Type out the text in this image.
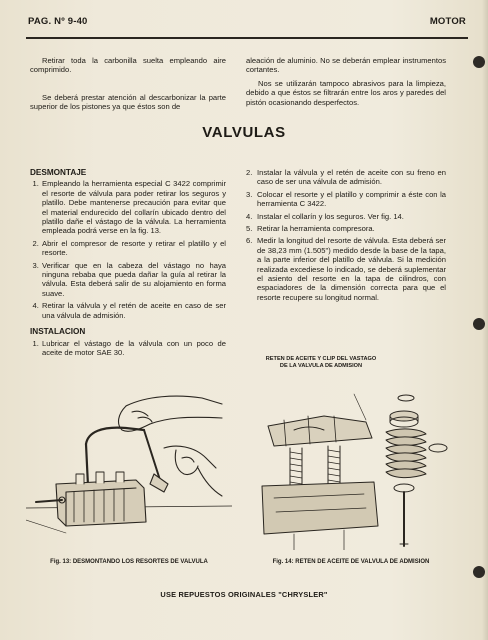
PAG. Nº 9-40	MOTOR

Retirar toda la carbonilla suelta empleando aire comprimido.

Se deberá prestar atención al descarbonizar la parte superior de los pistones ya que éstos son de

aleación de aluminio. No se deberán emplear instrumentos cortantes.

Nos se utilizarán tampoco abrasivos para la limpieza, debido a que éstos se filtrarán entre los aros y paredes del pistón ocasionando desperfectos.

VALVULAS
DESMONTAJE
1. Empleando la herramienta especial C 3422 comprimir el resorte de válvula para poder retirar los seguros y platillo. Debe mantenerse precaución para evitar que el material endurecido del collarín ubicado dentro del platillo dañe el vástago de la válvula. La herramienta empleada podrá verse en la fig. 13.
2. Abrir el compresor de resorte y retirar el platillo y el resorte.
3. Verificar que en la cabeza del vástago no haya ninguna rebaba que pueda dañar la guía al retirar la válvula. Esta deberá salir de su alojamiento en forma suave.
4. Retirar la válvula y el retén de aceite en caso de ser una válvula de admisión.
INSTALACION
1. Lubricar el vástago de la válvula con un poco de aceite de motor SAE 30.
2. Instalar la válvula y el retén de aceite con su freno en caso de ser una válvula de admisión.
3. Colocar el resorte y el platillo y comprimir a éste con la herramienta C 3422.
4. Instalar el collarín y los seguros. Ver fig. 14.
5. Retirar la herramienta compresora.
6. Medir la longitud del resorte de válvula. Esta deberá ser de 38,23 mm (1.505") medido desde la base de la tapa, a la parte inferior del platillo de válvula. Si la medición realizada excediese lo indicado, se deberá suplementar el asiento del resorte en la tapa de cilindros, con espaciadores de la dimensión correcta para que el resorte recupere su longitud normal.
RETEN DE ACEITE Y CLIP DEL VASTAGO DE LA VALVULA DE ADMISION
Fig. 13: DESMONTANDO LOS RESORTES DE VALVULA	Fig. 14: RETEN DE ACEITE DE VALVULA DE ADMISION
USE REPUESTOS ORIGINALES "CHRYSLER"
